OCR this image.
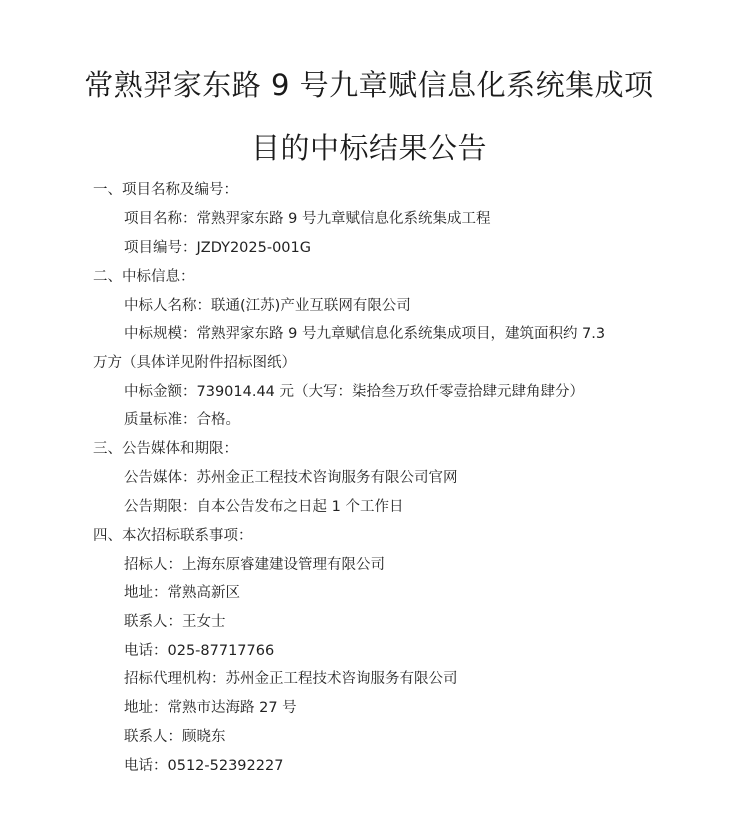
常熟羿家东路 9 号九章赋信息化系统集成项
目的中标结果公告
一、项目名称及编号：
项目名称：常熟羿家东路 9 号九章赋信息化系统集成工程
项目编号：JZDY2025-001G
二、中标信息：
中标人名称：联通(江苏)产业互联网有限公司
中标规模：常熟羿家东路 9 号九章赋信息化系统集成项目，建筑面积约 7.3
万方（具体详见附件招标图纸）
中标金额：739014.44 元（大写：柒拾叁万玖仟零壹拾肆元肆角肆分）
质量标准：合格。
三、公告媒体和期限：
公告媒体：苏州金正工程技术咨询服务有限公司官网
公告期限：自本公告发布之日起 1 个工作日
四、本次招标联系事项：
招标人：上海东原睿建建设管理有限公司
地址：常熟高新区
联系人：王女士
电话：025-87717766
招标代理机构：苏州金正工程技术咨询服务有限公司
地址：常熟市达海路 27 号
联系人：顾晓东
电话：0512-52392227
